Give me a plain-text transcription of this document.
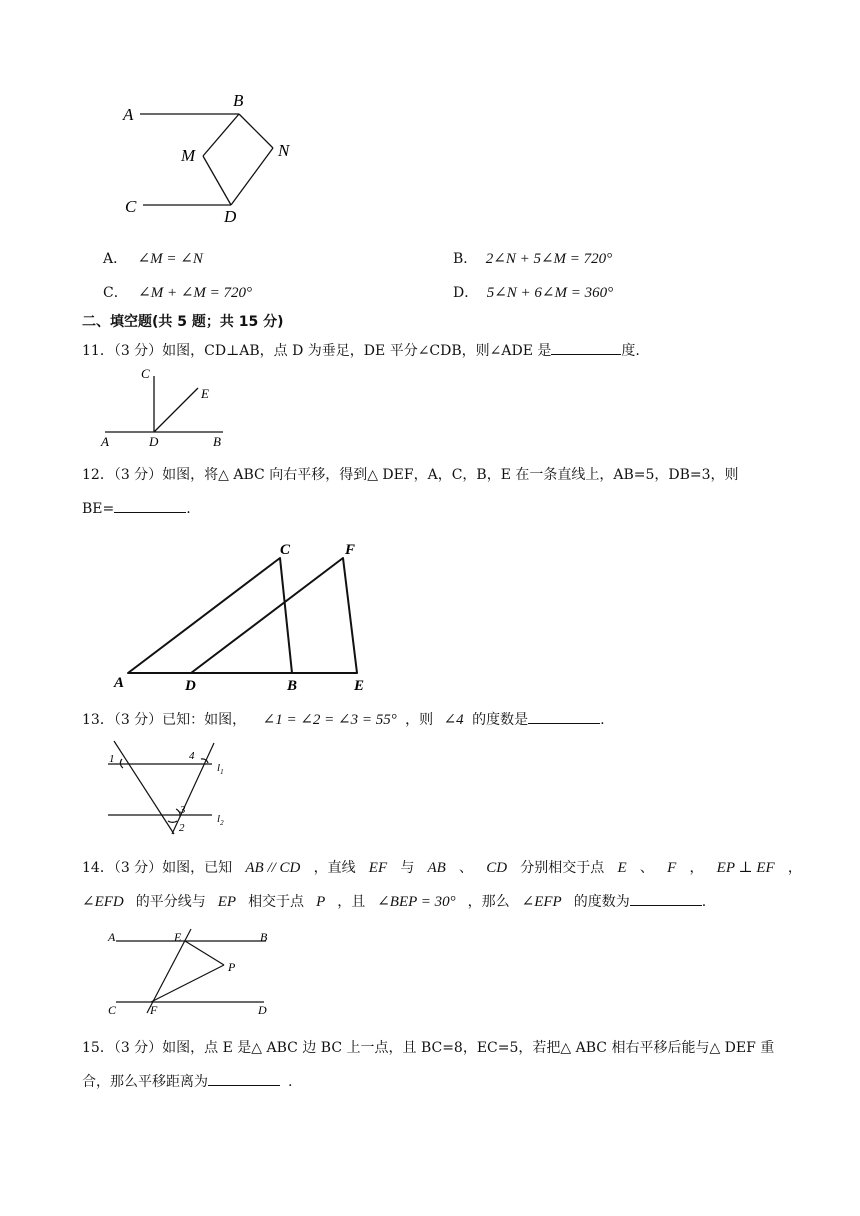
A
B
M	N
C
D
A． ∠M = ∠N	B． 2∠N + 5∠M = 720°
C． ∠M + ∠M = 720°	D． 5∠N + 6∠M = 360°
二、填空题(共 5 题；共 15 分)
11．（3 分）如图，CD⊥AB，点 D 为垂足，DE 平分∠CDB，则∠ADE 是	度.
C
E
A	D	B
12．（3 分）如图，将△ ABC 向右平移，得到△ DEF，A，C，B，E 在一条直线上，AB=5，DB=3，则
BE=	.
A	D	B	E
C	F
13．（3 分）已知：如图， ∠1 = ∠2 = ∠3 = 55° ，则 ∠4 的度数是	.
1	4
3
2
$l_1$
$l_2$
14．（3 分）如图，已知 AB // CD ，直线 EF 与 AB 、 CD 分别相交于点 E 、 F ， EP ⊥ EF ，
∠EFD 的平分线与 EP 相交于点 P ，且 ∠BEP = 30° ，那么 ∠EFP 的度数为	.
A	E	B
P
C	F	D
15．（3 分）如图，点 E 是△ ABC 边 BC 上一点，且 BC=8，EC=5，若把△ ABC 相右平移后能与△ DEF 重
合，那么平移距离为	.
